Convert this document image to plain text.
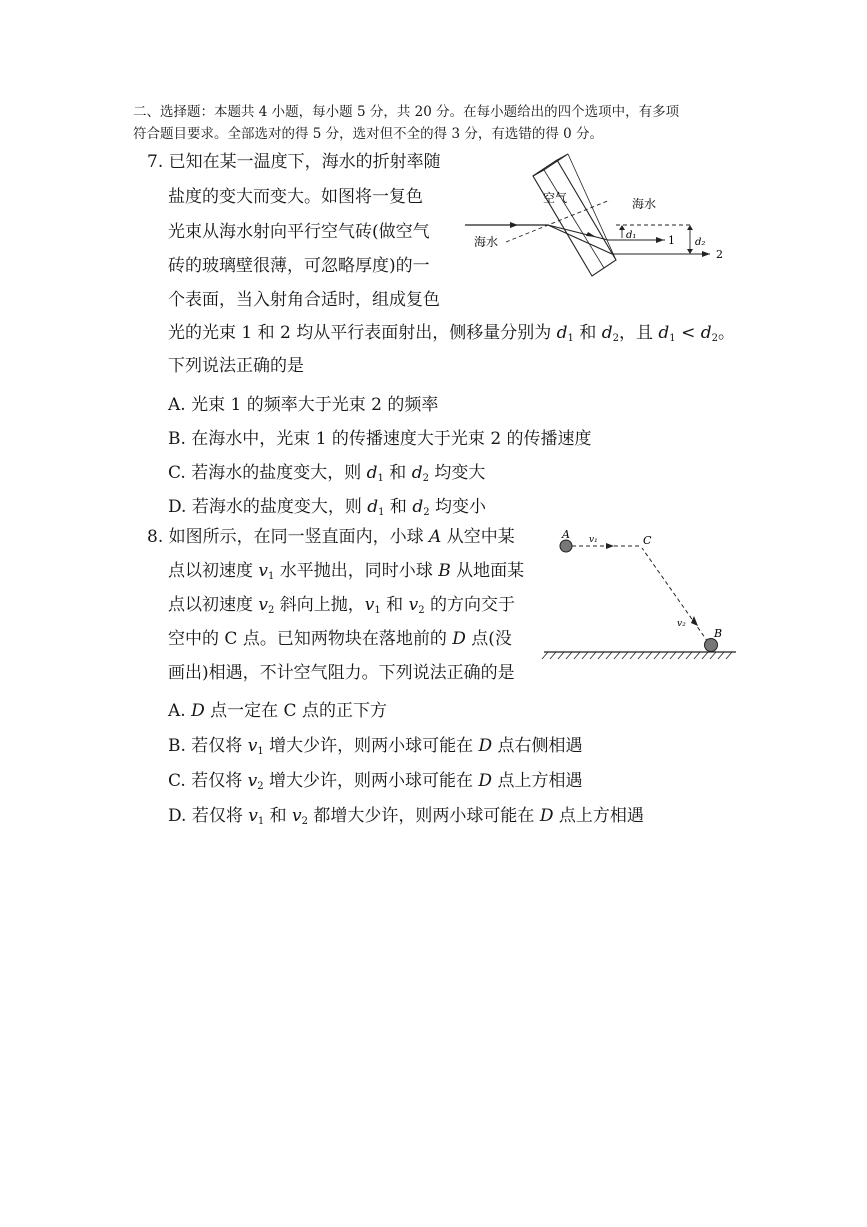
二、选择题：本题共 4 小题，每小题 5 分，共 20 分。在每小题给出的四个选项中，有多项
符合题目要求。全部选对的得 5 分，选对但不全的得 3 分，有选错的得 0 分。
7. 已知在某一温度下，海水的折射率随
盐度的变大而变大。如图将一复色
光束从海水射向平行空气砖(做空气
砖的玻璃壁很薄，可忽略厚度)的一
个表面，当入射角合适时，组成复色
光的光束 1 和 2 均从平行表面射出，侧移量分别为 $d_1$ 和 $d_2$，且 $d_1 < d_2$。
下列说法正确的是
A. 光束 1 的频率大于光束 2 的频率
B. 在海水中，光束 1 的传播速度大于光束 2 的传播速度
C. 若海水的盐度变大，则 $d_1$ 和 $d_2$ 均变大
D. 若海水的盐度变大，则 $d_1$ 和 $d_2$ 均变小
空气	海水
海水	d₁
d₂
1
2
8. 如图所示，在同一竖直面内，小球 A 从空中某
点以初速度 $v_1$ 水平抛出，同时小球 B 从地面某
点以初速度 $v_2$ 斜向上抛，$v_1$ 和 $v_2$ 的方向交于
空中的 C 点。已知两物块在落地前的 D 点(没
画出)相遇，不计空气阻力。下列说法正确的是
A. D 点一定在 C 点的正下方
B. 若仅将 $v_1$ 增大少许，则两小球可能在 D 点右侧相遇
C. 若仅将 $v_2$ 增大少许，则两小球可能在 D 点上方相遇
D. 若仅将 $v_1$ 和 $v_2$ 都增大少许，则两小球可能在 D 点上方相遇
A	C
B
v₁
v₂
